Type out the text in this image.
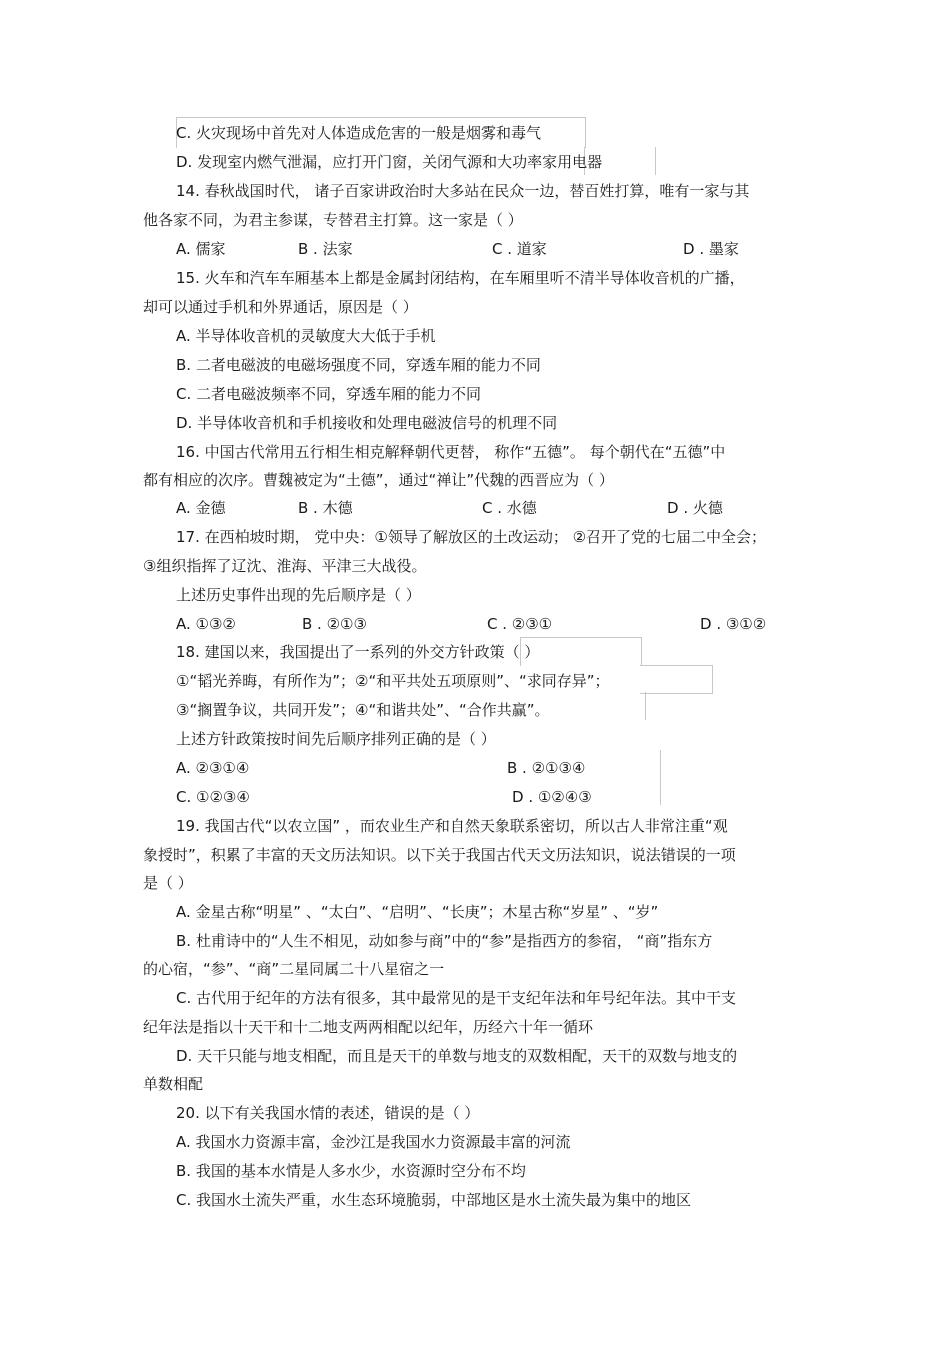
C. 火灾现场中首先对人体造成危害的一般是烟雾和毒气
D. 发现室内燃气泄漏，应打开门窗，关闭气源和大功率家用电器
14. 春秋战国时代， 诸子百家讲政治时大多站在民众一边，替百姓打算，唯有一家与其
他各家不同，为君主参谋，专替君主打算。这一家是（ ）
A. 儒家	B . 法家	C . 道家	D . 墨家
15. 火车和汽车车厢基本上都是金属封闭结构，在车厢里听不清半导体收音机的广播，
却可以通过手机和外界通话，原因是（ ）
A. 半导体收音机的灵敏度大大低于手机
B. 二者电磁波的电磁场强度不同，穿透车厢的能力不同
C. 二者电磁波频率不同，穿透车厢的能力不同
D. 半导体收音机和手机接收和处理电磁波信号的机理不同
16. 中国古代常用五行相生相克解释朝代更替， 称作“五德”。 每个朝代在“五德”中
都有相应的次序。曹魏被定为“土德”，通过“禅让”代魏的西晋应为（ ）
A. 金德	B . 木德	C . 水德	D . 火德
17. 在西柏坡时期， 党中央：①领导了解放区的土改运动； ②召开了党的七届二中全会；
③组织指挥了辽沈、淮海、平津三大战役。
上述历史事件出现的先后顺序是（ ）
A. ①③②	B . ②①③	C . ②③①	D . ③①②
18. 建国以来，我国提出了一系列的外交方针政策（ ）
①“韬光养晦，有所作为”；②“和平共处五项原则”、“求同存异”；
③“搁置争议，共同开发”；④“和谐共处”、“合作共赢”。
上述方针政策按时间先后顺序排列正确的是（ ）
A. ②③①④	B . ②①③④
C. ①②③④	D . ①②④③
19. 我国古代“以农立国” ，而农业生产和自然天象联系密切，所以古人非常注重“观
象授时”，积累了丰富的天文历法知识。以下关于我国古代天文历法知识，说法错误的一项
是（ ）
A. 金星古称“明星” 、“太白”、“启明”、“长庚”；木星古称“岁星” 、“岁”
B. 杜甫诗中的“人生不相见，动如参与商”中的“参”是指西方的参宿， “商”指东方
的心宿，“参”、“商”二星同属二十八星宿之一
C. 古代用于纪年的方法有很多，其中最常见的是干支纪年法和年号纪年法。其中干支
纪年法是指以十天干和十二地支两两相配以纪年，历经六十年一循环
D. 天干只能与地支相配，而且是天干的单数与地支的双数相配，天干的双数与地支的
单数相配
20. 以下有关我国水情的表述，错误的是（ ）
A. 我国水力资源丰富，金沙江是我国水力资源最丰富的河流
B. 我国的基本水情是人多水少，水资源时空分布不均
C. 我国水土流失严重，水生态环境脆弱，中部地区是水土流失最为集中的地区
